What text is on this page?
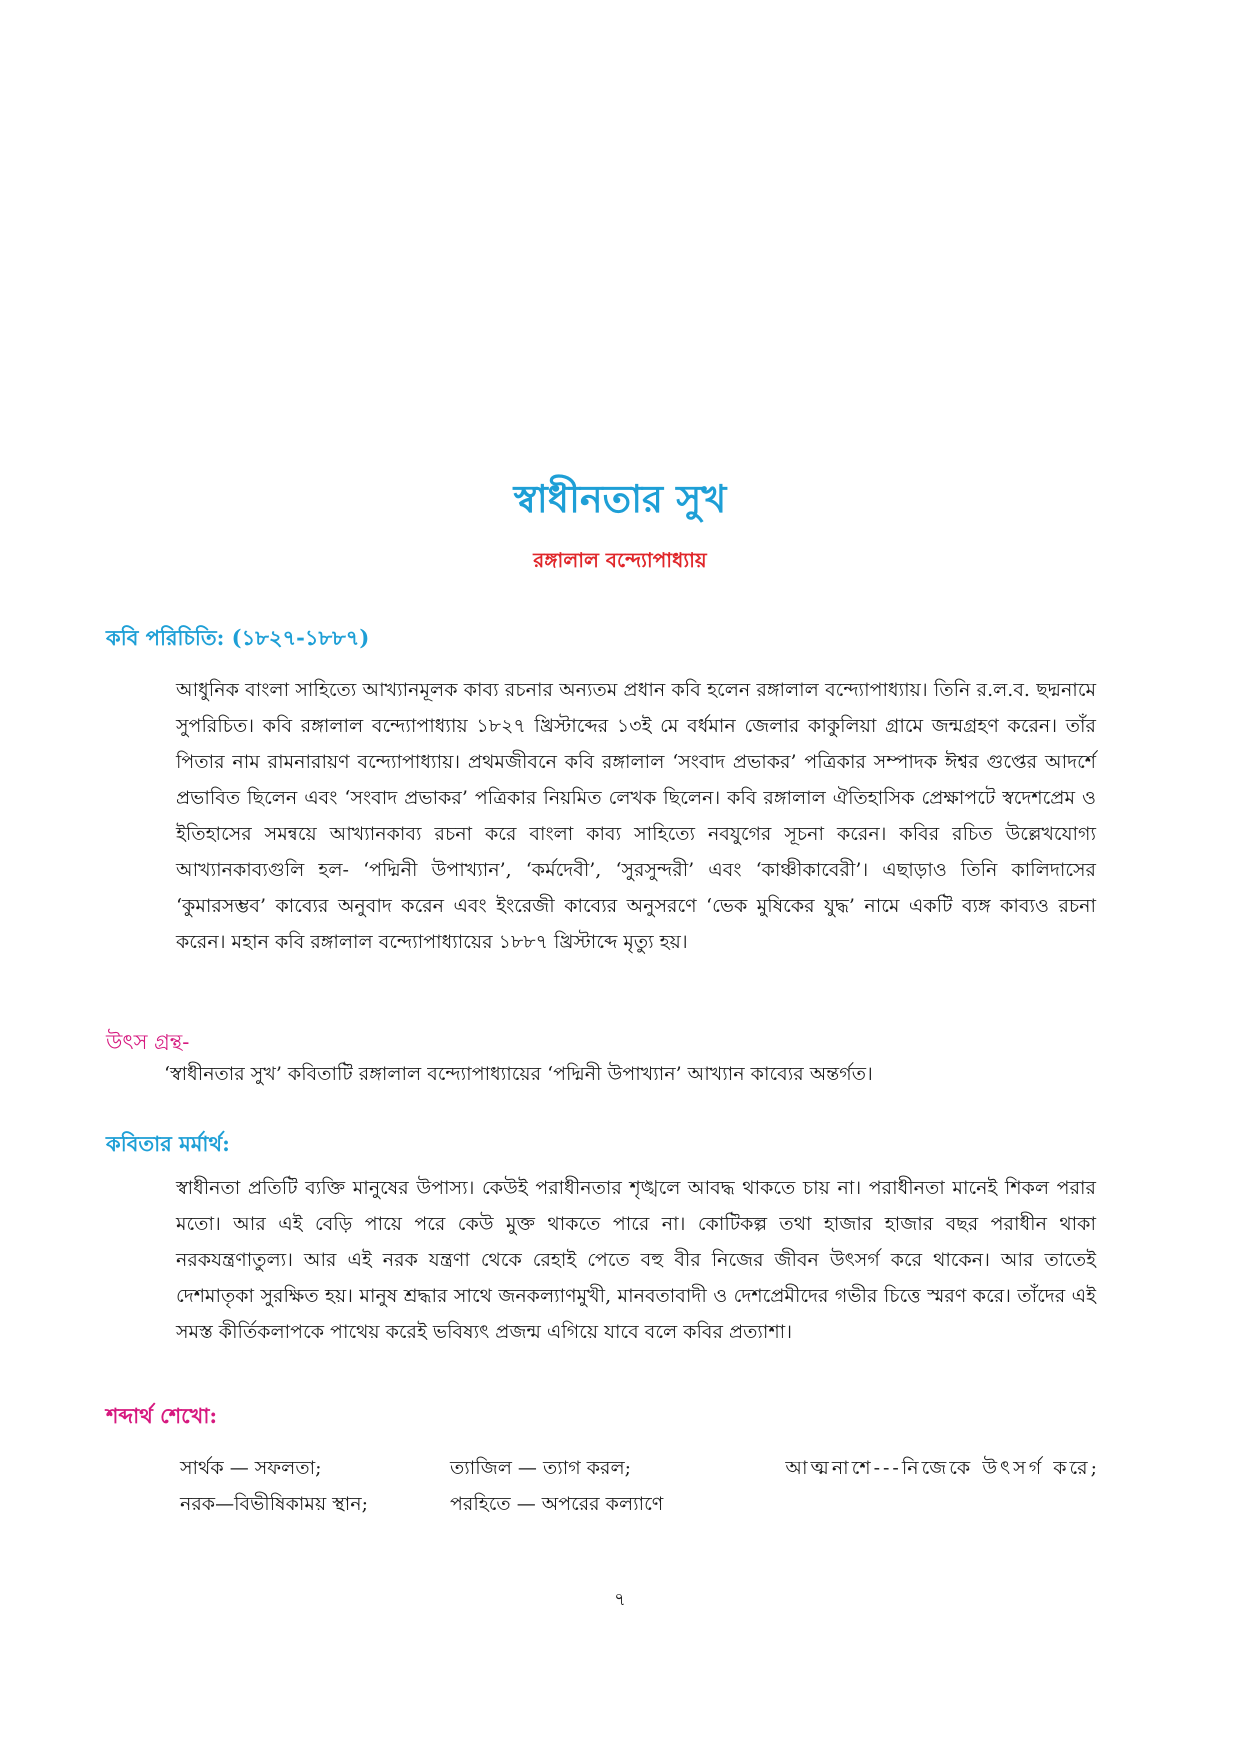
স্বাধীনতার সুখ

রঙ্গালাল বন্দ্যোপাধ্যায়

কবি পরিচিতি: (১৮২৭-১৮৮৭)

আধুনিক বাংলা সাহিত্যে আখ্যানমূলক কাব্য রচনার অন্যতম প্রধান কবি হলেন রঙ্গালাল বন্দ্যোপাধ্যায়। তিনি র.ল.ব. ছদ্মনামে সুপরিচিত। কবি রঙ্গালাল বন্দ্যোপাধ্যায় ১৮২৭ খ্রিস্টাব্দের ১৩ই মে বর্ধমান জেলার কাকুলিয়া গ্রামে জন্মগ্রহণ করেন। তাঁর পিতার নাম রামনারায়ণ বন্দ্যোপাধ্যায়। প্রথমজীবনে কবি রঙ্গালাল ‘সংবাদ প্রভাকর’ পত্রিকার সম্পাদক ঈশ্বর গুপ্তের আদর্শে প্রভাবিত ছিলেন এবং ‘সংবাদ প্রভাকর’ পত্রিকার নিয়মিত লেখক ছিলেন। কবি রঙ্গালাল ঐতিহাসিক প্রেক্ষাপটে স্বদেশপ্রেম ও ইতিহাসের সমন্বয়ে আখ্যানকাব্য রচনা করে বাংলা কাব্য সাহিত্যে নবযুগের সূচনা করেন। কবির রচিত উল্লেখযোগ্য আখ্যানকাব্যগুলি হল- ‘পদ্মিনী উপাখ্যান’, ‘কর্মদেবী’, ‘সুরসুন্দরী’ এবং ‘কাঞ্চীকাবেরী’। এছাড়াও তিনি কালিদাসের ‘কুমারসম্ভব’ কাব্যের অনুবাদ করেন এবং ইংরেজী কাব্যের অনুসরণে ‘ভেক মুষিকের যুদ্ধ’ নামে একটি ব্যঙ্গ কাব্যও রচনা করেন। মহান কবি রঙ্গালাল বন্দ্যোপাধ্যায়ের ১৮৮৭ খ্রিস্টাব্দে মৃত্যু হয়।

উৎস গ্রন্থ-

‘স্বাধীনতার সুখ’ কবিতাটি রঙ্গালাল বন্দ্যোপাধ্যায়ের ‘পদ্মিনী উপাখ্যান’ আখ্যান কাব্যের অন্তর্গত।

কবিতার মর্মার্থ:

স্বাধীনতা প্রতিটি ব্যক্তি মানুষের উপাস্য। কেউই পরাধীনতার শৃঙ্খলে আবদ্ধ থাকতে চায় না। পরাধীনতা মানেই শিকল পরার মতো। আর এই বেড়ি পায়ে পরে কেউ মুক্ত থাকতে পারে না। কোটিকল্প তথা হাজার হাজার বছর পরাধীন থাকা নরকযন্ত্রণাতুল্য। আর এই নরক যন্ত্রণা থেকে রেহাই পেতে বহু বীর নিজের জীবন উৎসর্গ করে থাকেন। আর তাতেই দেশমাতৃকা সুরক্ষিত হয়। মানুষ শ্রদ্ধার সাথে জনকল্যাণমুখী, মানবতাবাদী ও দেশপ্রেমীদের গভীর চিত্তে স্মরণ করে। তাঁদের এই সমস্ত কীর্তিকলাপকে পাথেয় করেই ভবিষ্যৎ প্রজন্ম এগিয়ে যাবে বলে কবির প্রত্যাশা।

শব্দার্থ শেখো:
সার্থক — সফলতা;	ত্যাজিল — ত্যাগ করল;	আত্মনাশে---নিজেকে উৎসর্গ করে;
নরক—বিভীষিকাময় স্থান;	পরহিতে — অপরের কল্যাণে
৭
